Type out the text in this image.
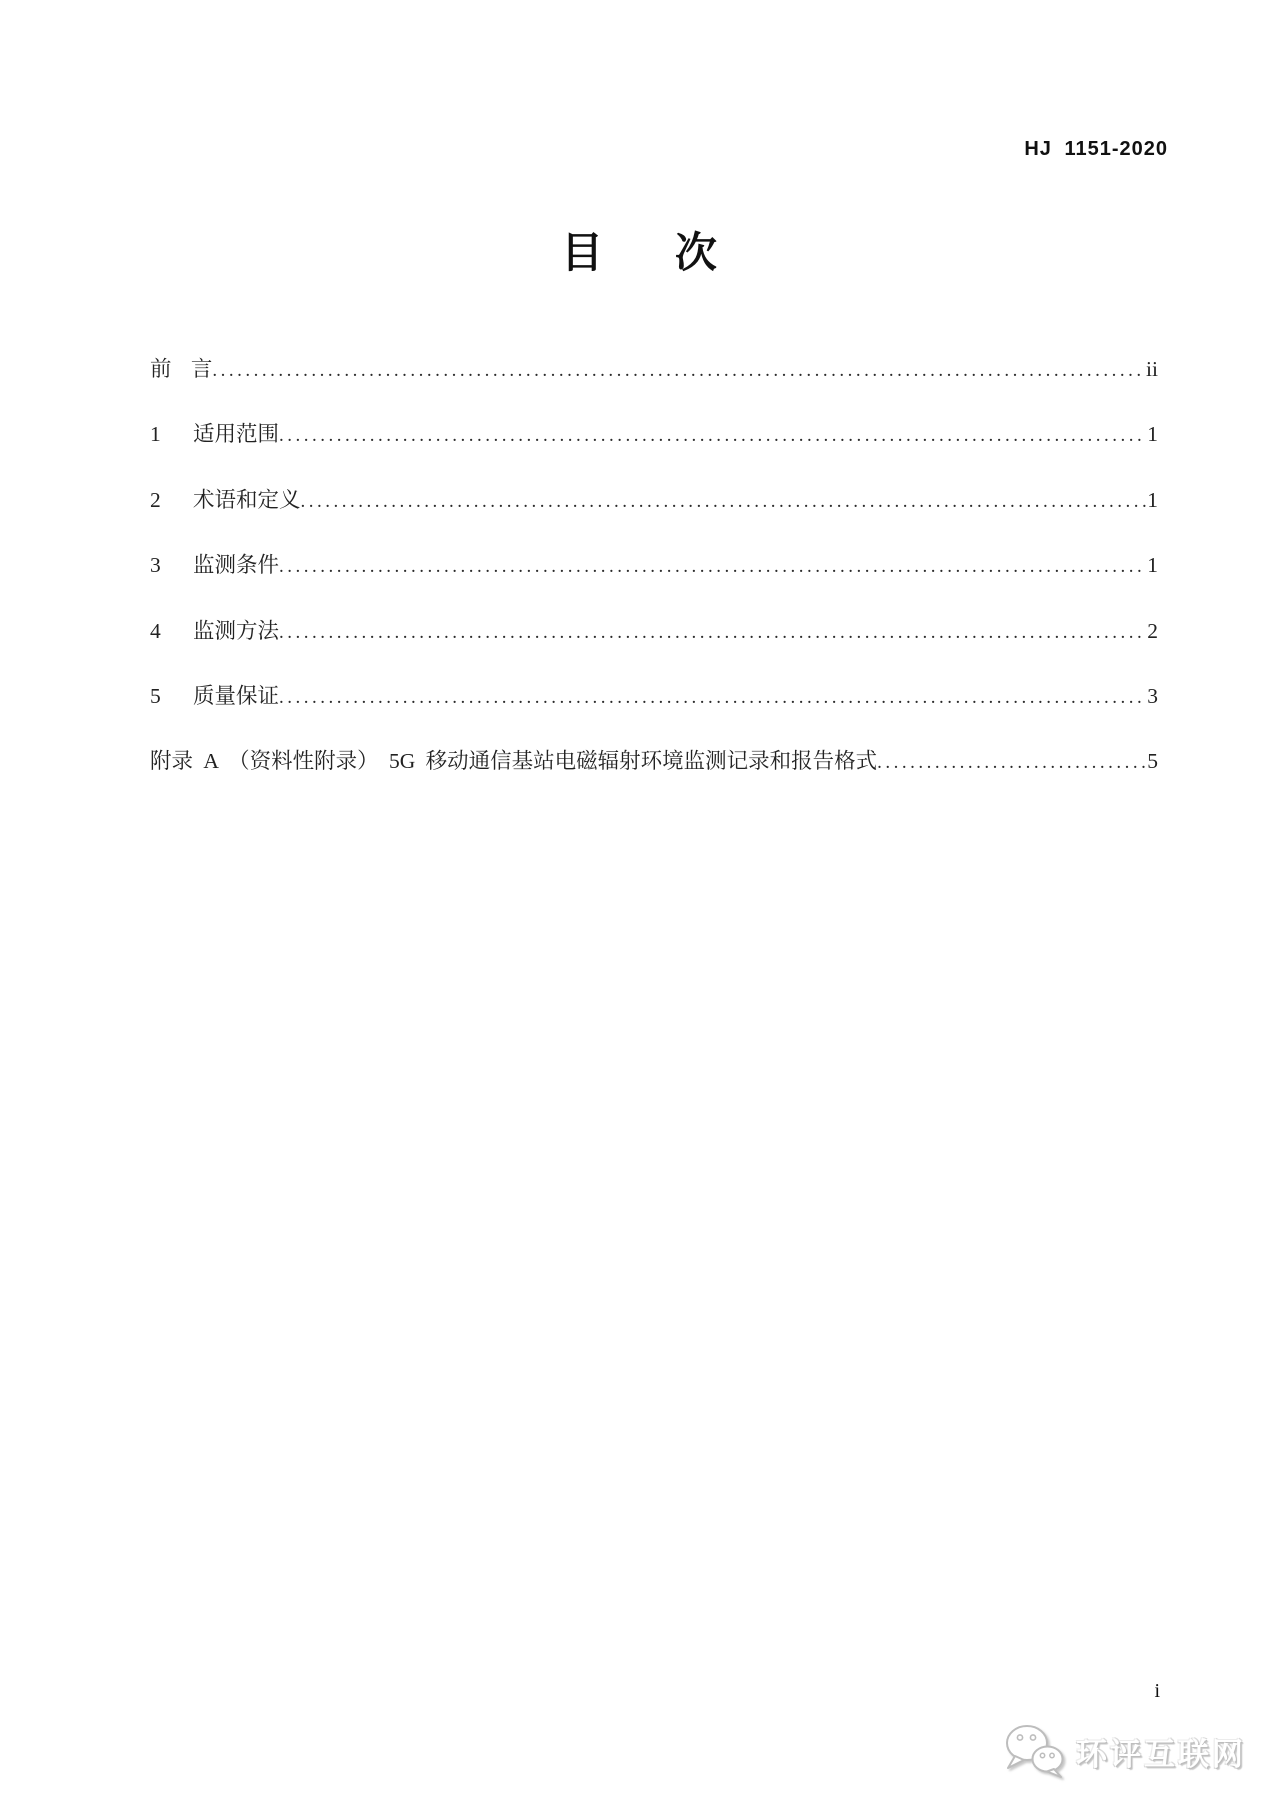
HJ 1151-2020
目 次
前 言 .....	ii
1	适用范围 .....	1
2	术语和定义 .....	1
3	监测条件 .....	1
4	监测方法 .....	2
5	质量保证 .....	3
附录 A （资料性附录） 5G 移动通信基站电磁辐射环境监测记录和报告格式 .....	5
i
环评互联网
